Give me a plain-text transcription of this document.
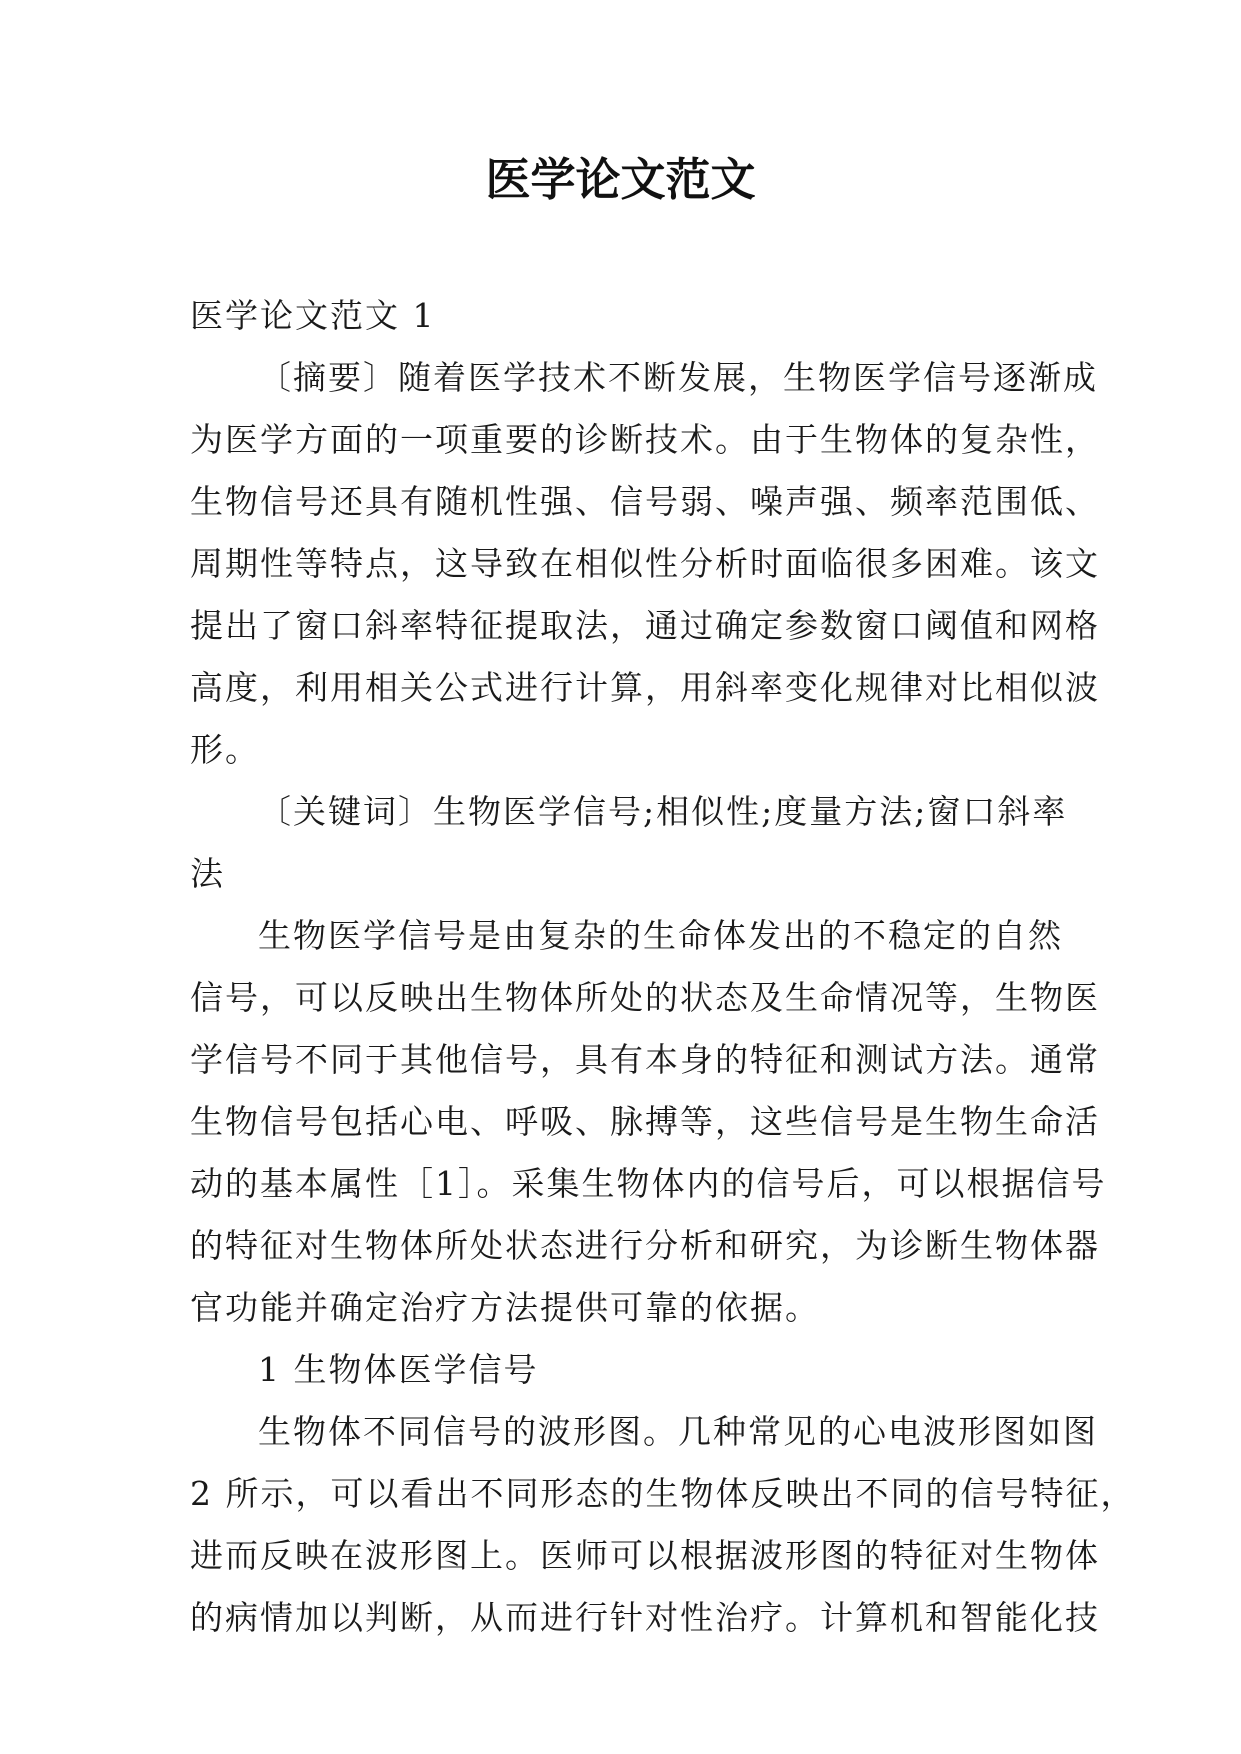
医学论文范文

医学论文范文 1

〔摘要〕随着医学技术不断发展，生物医学信号逐渐成

为医学方面的一项重要的诊断技术。由于生物体的复杂性，

生物信号还具有随机性强、信号弱、噪声强、频率范围低、

周期性等特点，这导致在相似性分析时面临很多困难。该文

提出了窗口斜率特征提取法，通过确定参数窗口阈值和网格

高度，利用相关公式进行计算，用斜率变化规律对比相似波

形。

〔关键词〕生物医学信号;相似性;度量方法;窗口斜率

法

生物医学信号是由复杂的生命体发出的不稳定的自然

信号，可以反映出生物体所处的状态及生命情况等，生物医

学信号不同于其他信号，具有本身的特征和测试方法。通常

生物信号包括心电、呼吸、脉搏等，这些信号是生物生命活

动的基本属性［1］。采集生物体内的信号后，可以根据信号

的特征对生物体所处状态进行分析和研究，为诊断生物体器

官功能并确定治疗方法提供可靠的依据。

1 生物体医学信号

生物体不同信号的波形图。几种常见的心电波形图如图

2 所示，可以看出不同形态的生物体反映出不同的信号特征，

进而反映在波形图上。医师可以根据波形图的特征对生物体

的病情加以判断，从而进行针对性治疗。计算机和智能化技
